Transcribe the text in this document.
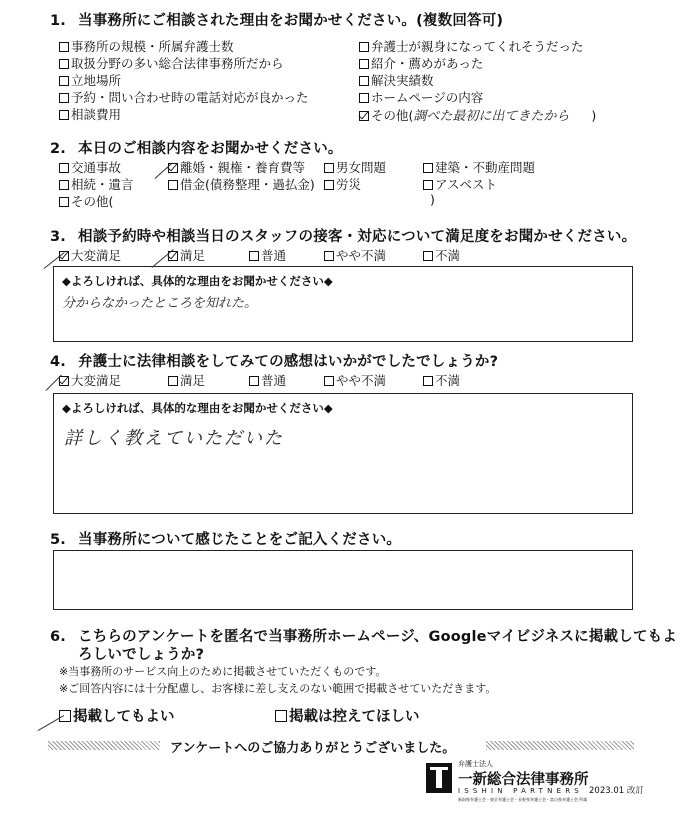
1. 当事務所にご相談された理由をお聞かせください。(複数回答可)
事務所の規模・所属弁護士数
取扱分野の多い総合法律事務所だから
立地場所
予約・問い合わせ時の電話対応が良かった
相談費用
弁護士が親身になってくれそうだった
紹介・薦めがあった
解決実績数
ホームページの内容
その他(調べた最初に出てきたから )
2. 本日のご相談内容をお聞かせください。
交通事故	離婚・親権・養育費等	男女問題	建築・不動産問題
相続・遺言	借金(債務整理・過払金)	労災	アスベスト
その他(	)
3. 相談予約時や相談当日のスタッフの接客・対応について満足度をお聞かせください。
大変満足	満足	普通	やや不満	不満
◆よろしければ、具体的な理由をお聞かせください◆
分からなかったところを知れた。
4. 弁護士に法律相談をしてみての感想はいかがでしたでしょうか?
大変満足	満足	普通	やや不満	不満
◆よろしければ、具体的な理由をお聞かせください◆
詳しく教えていただいた
5. 当事務所について感じたことをご記入ください。
6. こちらのアンケートを匿名で当事務所ホームページ、Googleマイビジネスに掲載してもよ
ろしいでしょうか?
※当事務所のサービス向上のために掲載させていただくものです。
※ご回答内容には十分配慮し、お客様に差し支えのない範囲で掲載させていただきます。
掲載してもよい	掲載は控えてほしい
アンケートへのご協力ありがとうございました。
弁護士法人
一新総合法律事務所
ISSHIN PARTNERS
新潟県弁護士会・東京弁護士会・長野県弁護士会・富山県弁護士会 所属
2023.01 改訂
